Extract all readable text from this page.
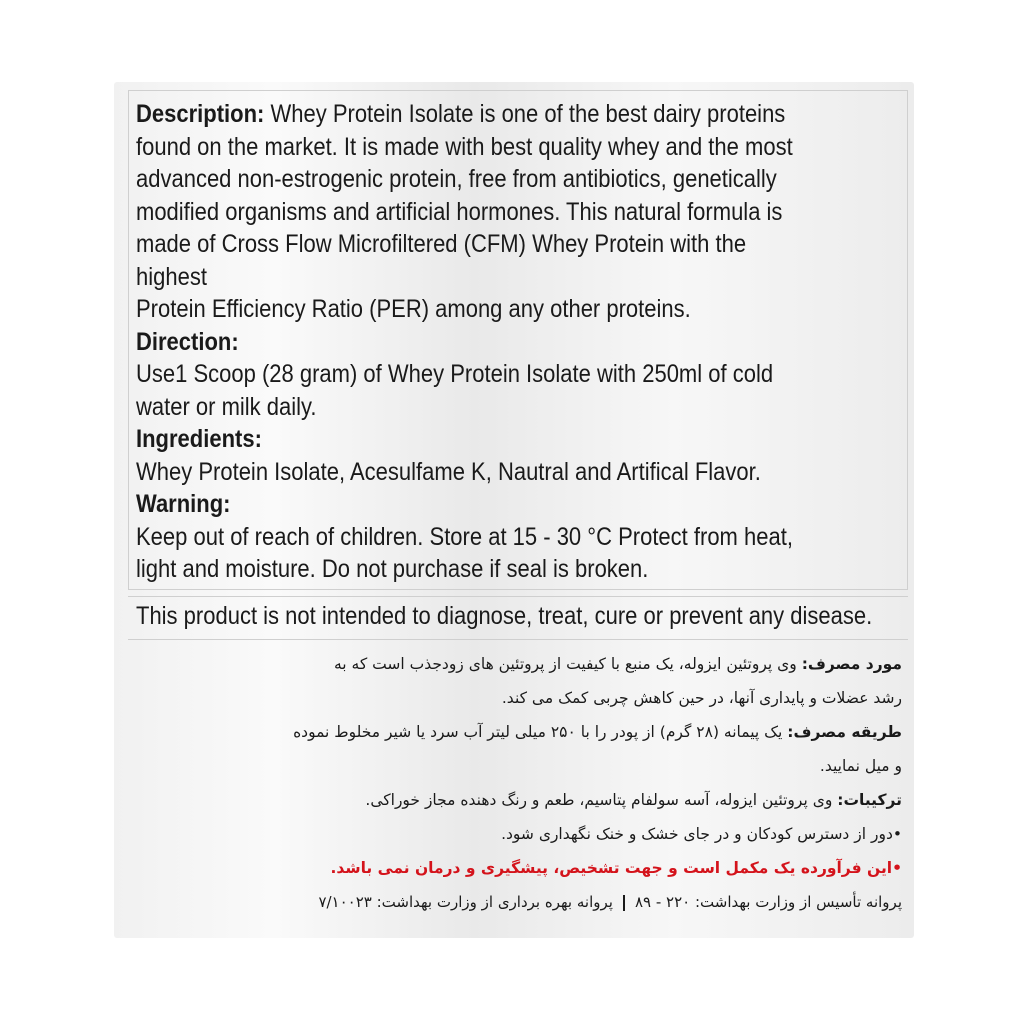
Description: Whey Protein Isolate is one of the best dairy proteins

found on the market. It is made with best quality whey and the most

advanced non-estrogenic protein, free from antibiotics, genetically

modified organisms and artificial hormones. This natural formula is

made of Cross Flow Microfiltered (CFM) Whey Protein with the highest

Protein Efficiency Ratio (PER) among any other proteins.

Direction:

Use1 Scoop (28 gram) of Whey Protein Isolate with 250ml of cold

water or milk daily.

Ingredients:

Whey Protein Isolate, Acesulfame K, Nautral and Artifical Flavor.

Warning:

Keep out of reach of children. Store at 15 - 30 °C Protect from heat,

light and moisture. Do not purchase if seal is broken.

This product is not intended to diagnose, treat, cure or prevent any disease.

مورد مصرف: وی پروتئین ایزوله، یک منبع با کیفیت از پروتئین های زودجذب است که به

رشد عضلات و پایداری آنها، در حین کاهش چربی کمک می کند.

طریقه مصرف: یک پیمانه (۲۸ گرم) از پودر را با ۲۵۰ میلی لیتر آب سرد یا شیر مخلوط نموده

و میل نمایید.

ترکیبات: وی پروتئین ایزوله، آسه سولفام پتاسیم، طعم و رنگ دهنده مجاز خوراکی.

•دور از دسترس کودکان و در جای خشک و خنک نگهداری شود.

•این فرآورده یک مکمل است و جهت تشخیص، پیشگیری و درمان نمی باشد.

پروانه تأسیس از وزارت بهداشت: ۲۲۰ - ۸۹پروانه بهره برداری از وزارت بهداشت: ۷/۱۰۰۲۳
